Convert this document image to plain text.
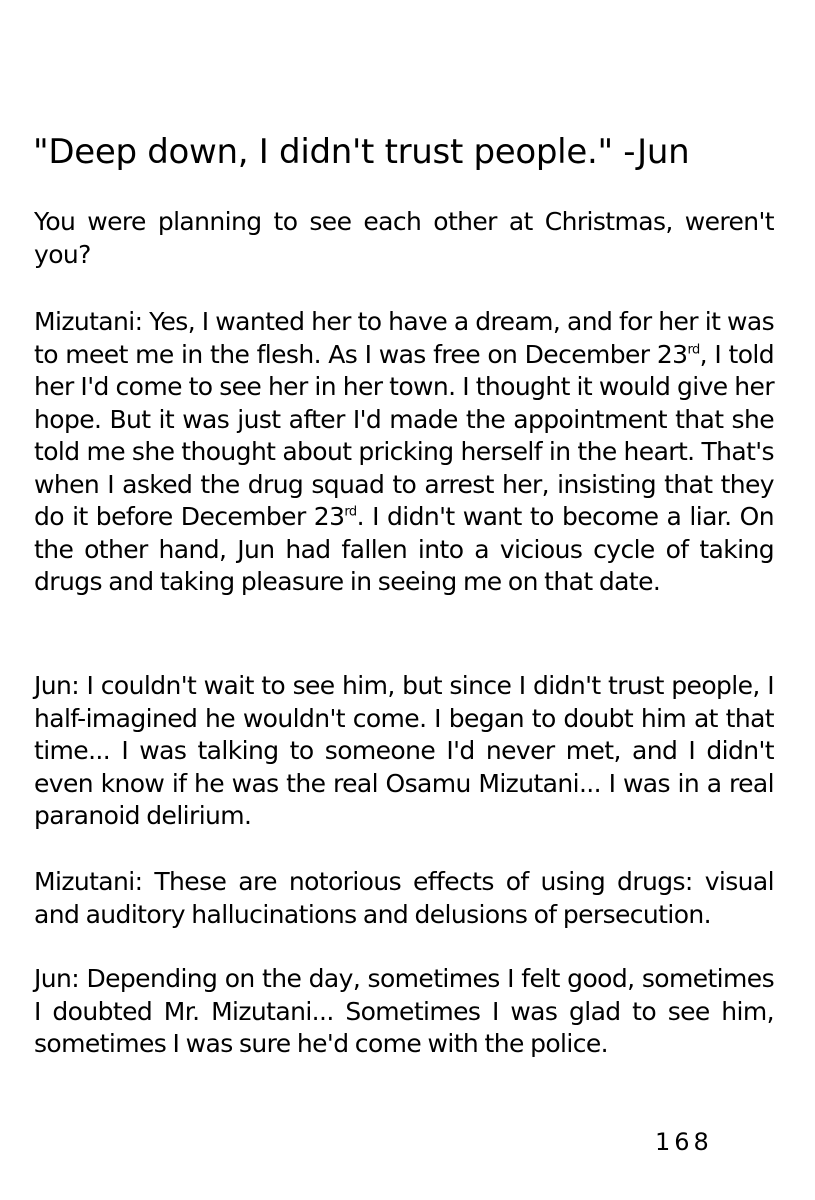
"Deep down, I didn't trust people." -Jun

You were planning to see each other at Christmas, weren't you?

Mizutani: Yes, I wanted her to have a dream, and for her it was to meet me in the flesh. As I was free on December 23rd, I told her I'd come to see her in her town. I thought it would give her hope. But it was just after I'd made the appointment that she told me she thought about pricking herself in the heart. That's when I asked the drug squad to arrest her, insisting that they do it before December 23rd. I didn't want to become a liar. On the other hand, Jun had fallen into a vicious cycle of taking drugs and taking pleasure in seeing me on that date.

Jun: I couldn't wait to see him, but since I didn't trust people, I half-imagined he wouldn't come. I began to doubt him at that time... I was talking to someone I'd never met, and I didn't even know if he was the real Osamu Mizutani... I was in a real paranoid delirium.

Mizutani: These are notorious effects of using drugs: visual and auditory hallucinations and delusions of persecution.

Jun: Depending on the day, sometimes I felt good, sometimes I doubted Mr. Mizutani... Sometimes I was glad to see him, sometimes I was sure he'd come with the police.

168
